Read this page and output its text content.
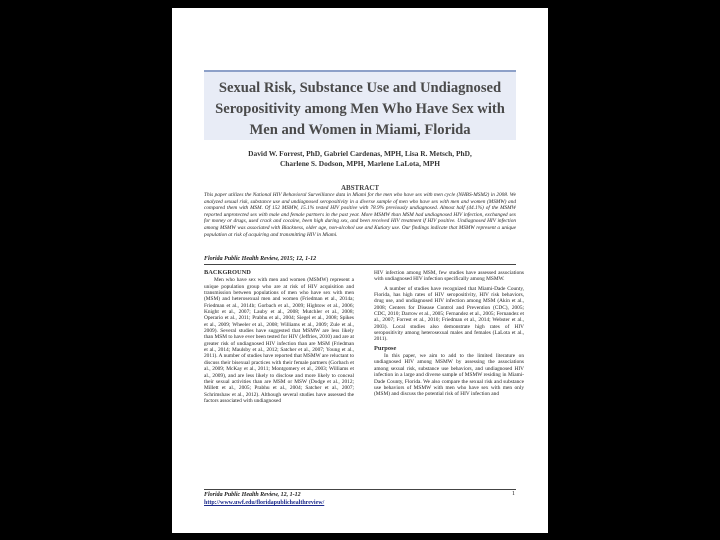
Sexual Risk, Substance Use and Undiagnosed Seropositivity among Men Who Have Sex with Men and Women in Miami, Florida
David W. Forrest, PhD, Gabriel Cardenas, MPH, Lisa R. Metsch, PhD,
Charlene S. Dodson, MPH, Marlene LaLota, MPH
ABSTRACT
This paper utilizes the National HIV Behavioral Surveillance data in Miami for the men who have sex with men cycle (NHBS-MSM2) in 2008. We analyzed sexual risk, substance use and undiagnosed seropositivity in a diverse sample of men who have sex with men and women (MSMW) and compared them with MSM. Of 152 MSMW, 15.1% tested HIV positive with 78.9% previously undiagnosed. Almost half (44.1%) of the MSMW reported unprotected sex with male and female partners in the past year. More MSMW than MSM had undiagnosed HIV infection, exchanged sex for money or drugs, used crack and cocaine, been high during sex, and been received HIV treatment if HIV positive. Undiagnosed HIV infection among MSMW was associated with Blackness, older age, non-alcohol use and Kutiary use. Our findings indicate that MSMW represent a unique population at risk of acquiring and transmitting HIV in Miami.
Florida Public Health Review, 2015; 12, 1-12
BACKGROUND

Men who have sex with men and women (MSMW) represent a unique population group who are at risk of HIV acquisition and transmission between populations of men who have sex with men (MSM) and heterosexual men and women (Friedman et al., 2014a; Friedman et al., 2014b; Gorbach et al., 2009; Hightow et al., 2006; Knight et al., 2007; Lauby et al., 2008; Mutchler et al., 2008; Operario et al., 2011; Prabhu et al., 2004; Siegel et al., 2008; Spikes et al., 2009; Wheeler et al., 2008; Williams et al., 2009; Zule et al., 2009). Several studies have suggested that MSMW are less likely than MSM to have ever been tested for HIV (Jeffries, 2010) and are at greater risk of undiagnosed HIV infection than are MSM (Friedman et al., 2014; Maulsby et al., 2012; Satcher et al., 2007; Young et al., 2011). A number of studies have reported that MSMW are reluctant to discuss their bisexual practices with their female partners (Gorbach et al., 2009; McKay et al., 2011; Montgomery et al., 2003; Williams et al., 2009), and are less likely to disclose and more likely to conceal their sexual activities than are MSM or MSW (Dodge et al., 2012; Millett et al., 2005; Prabhu et al., 2004; Satcher et al., 2007; Schrimshaw et al., 2012). Although several studies have assessed the factors associated with undiagnosed

HIV infection among MSM, few studies have assessed associations with undiagnosed HIV infection specifically among MSMW.

A number of studies have recognized that Miami-Dade County, Florida, has high rates of HIV seropositivity, HIV risk behaviors, drug use, and undiagnosed HIV infection among MSM (Akin et al., 2008; Centers for Disease Control and Prevention (CDC), 2005; CDC, 2010; Darrow et al., 2005; Fernandez et al., 2005; Fernandez et al., 2007; Forrest et al., 2010; Friedman et al., 2014; Webster et al., 2003). Local studies also demonstrate high rates of HIV seropositivity among heterosexual males and females (LaLota et al., 2011).

Purpose

In this paper, we aim to add to the limited literature on undiagnosed HIV among MSMW by assessing the associations among sexual risk, substance use behaviors, and undiagnosed HIV infection in a large and diverse sample of MSMW residing in Miami-Dade County, Florida. We also compare the sexual risk and substance use behaviors of MSMW with men who have sex with men only (MSM) and discuss the potential risk of HIV infection and

Florida Public Health Review, 12, 1-12	1
http://www.uwf.edu/floridapublichealthreview/
